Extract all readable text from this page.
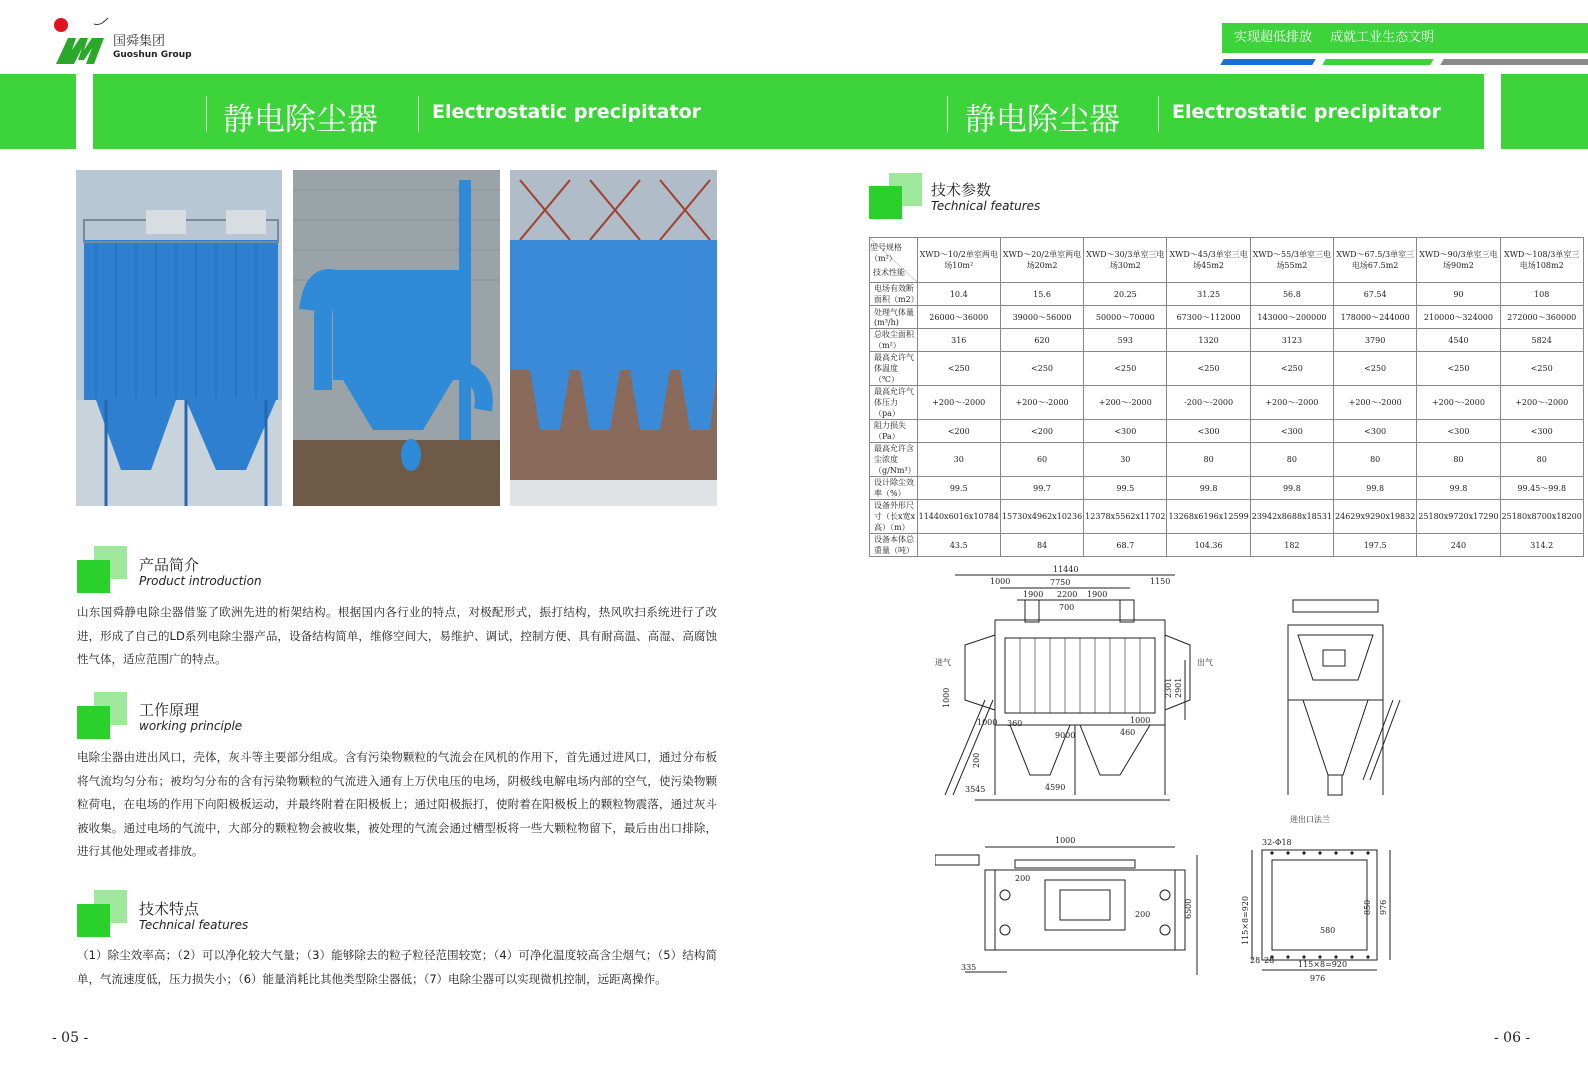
国舜集团
Guoshun Group
实现超低排放 成就工业生态文明
静电除尘器	Electrostatic precipitator	静电除尘器	Electrostatic precipitator
产品简介
Product introduction
山东国舜静电除尘器借鉴了欧洲先进的桁架结构。根据国内各行业的特点，对极配形式，振打结构，热风吹扫系统进行了改进，形成了自己的LD系列电除尘器产品，设备结构简单，维修空间大，易维护、调试，控制方便、具有耐高温、高湿、高腐蚀性气体，适应范围广的特点。
工作原理
working principle
电除尘器由进出风口，壳体，灰斗等主要部分组成。含有污染物颗粒的气流会在风机的作用下，首先通过进风口，通过分布板将气流均匀分布；被均匀分布的含有污染物颗粒的气流进入通有上万伏电压的电场，阴极线电解电场内部的空气，使污染物颗粒荷电，在电场的作用下向阳极板运动，并最终附着在阳极板上；通过阳极振打，使附着在阳极板上的颗粒物震落，通过灰斗被收集。通过电场的气流中，大部分的颗粒物会被收集，被处理的气流会通过槽型板将一些大颗粒物留下，最后由出口排除，进行其他处理或者排放。
技术特点
Technical features
（1）除尘效率高；（2）可以净化较大气量；（3）能够除去的粒子粒径范围较宽；（4）可净化温度较高含尘烟气；（5）结构简单，气流速度低，压力损失小；（6）能量消耗比其他类型除尘器低；（7）电除尘器可以实现微机控制，远距离操作。
技术参数
Technical features
型号规格（m²）
技术性能	XWD～10/2单室两电场10m²	XWD～20/2单室两电场20m2	XWD～30/3单室三电场30m2	XWD～45/3单室三电场45m2	XWD～55/3单室三电场55m2	XWD～67.5/3单室三电场67.5m2	XWD～90/3单室三电场90m2	XWD～108/3单室三电场108m2
电场有效断面积（m2）	10.4	15.6	20.25	31.25	56.8	67.54	90	108
处理气体量(m³/h)	26000～36000	39000～56000	50000～70000	67300～112000	143000～200000	178000～244000	210000～324000	272000～360000
总收尘面积（m²）	316	620	593	1320	3123	3790	4540	5824
最高允许气体温度（℃）	<250	<250	<250	<250	<250	<250	<250	<250
最高允许气体压力（pa）	+200～-2000	+200～-2000	+200～-2000	-200～-2000	+200～-2000	+200～-2000	+200～-2000	+200～-2000
阻力损失（Pa）	<200	<200	<300	<300	<300	<300	<300	<300
最高允许含尘浓度（g/Nm³）	30	60	30	80	80	80	80	80
设计除尘效率（%）	99.5	99.7	99.5	99.8	99.8	99.8	99.8	99.45～99.8
设备外形尺寸（长x宽x高）（m）	11440x6016x10784	15730x4962x10236	12378x5562x11702	13268x6196x12599	23942x8688x18531	24629x9290x19832	25180x9720x17290	25180x8700x18200
设备本体总重量（吨）	43.5	84	68.7	104.36	182	197.5	240	314.2
11440
1000	7750	1150
1900 2200 1900
700
进气	出气
1000 360
9000
1000
460
2301 2901
1000
200
3545	4590
进出口法兰
1000
200
200	6500
335
32-Φ18
115×8=920	580
850 976
28 28	115×8=920
976
- 05 -	- 06 -
